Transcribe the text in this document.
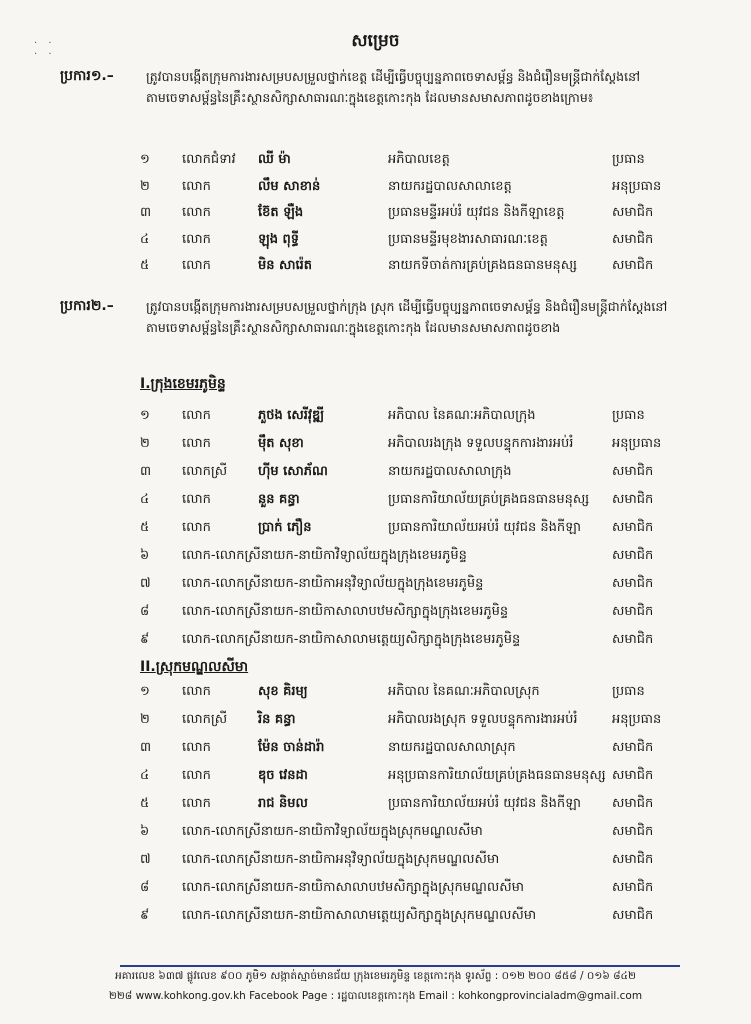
· ·
· ·
សម្រេច
ប្រការ១.–	ត្រូវបានបង្កើតក្រុមការងារសម្របសម្រួលថ្នាក់ខេត្ត ដើម្បីធ្វើបច្ចុប្បន្នភាពចេទាសម្ព័ន្ធ និងជំរឿនមន្ត្រីជាក់ស្តែងនៅតាមចេទាសម្ព័ន្ធនៃគ្រឹះស្ថានសិក្សាសាធារណៈក្នុងខេត្តកោះកុង ដែលមានសមាសភាពដូចខាងក្រោម៖
១ លោកជំទាវ ឈី ម៉ា	អភិបាលខេត្ត	ប្រធាន
២ លោក	លឹម សាខាន់	នាយករដ្ឋបាលសាលាខេត្ត	អនុប្រធាន
៣ លោក	ខ៊ែត ឡឺង	ប្រធានមន្ទីរអប់រំ យុវជន និងកីឡាខេត្ត	សមាជិក
៤	លោក	ឡុង ពុទ្ធី	ប្រធានមន្ទីរមុខងារសាធារណៈខេត្ត	សមាជិក
៥	លោក	មិន សារ៉េត	នាយកទីចាត់ការគ្រប់គ្រងធនធានមនុស្ស	សមាជិក
ប្រការ២.–	ត្រូវបានបង្កើតក្រុមការងារសម្របសម្រួលថ្នាក់ក្រុង ស្រុក ដើម្បីធ្វើបច្ចុប្បន្នភាពចេទាសម្ព័ន្ធ និងជំរឿនមន្ត្រីជាក់ស្តែងនៅតាមចេទាសម្ព័ន្ធនៃគ្រឹះស្ថានសិក្សាសាធារណៈក្នុងខេត្តកោះកុង ដែលមានសមាសភាពដូចខាង
I.ក្រុងខេមរភូមិន្ទ
១ លោក	ភួថង សេរីវុឌ្ឍី	អភិបាល នៃគណៈអភិបាលក្រុង	ប្រធាន
២ លោក	ម៉ឹត សុខា	អភិបាលរងក្រុង ទទួលបន្ទុកការងារអប់រំ	អនុប្រធាន
៣ លោកស្រី ហ៊ីម សោភ័ណ	នាយករដ្ឋបាលសាលាក្រុង	សមាជិក
៤	លោក	នួន គន្ធា	ប្រធានការិយាល័យគ្រប់គ្រងធនធានមនុស្ស សមាជិក
៥	លោក	ប្រាក់ ភឿន	ប្រធានការិយាល័យអប់រំ យុវជន និងកីឡា សមាជិក
៦	លោក-លោកស្រីនាយក-នាយិកាវិទ្យាល័យក្នុងក្រុងខេមរភូមិន្ទ	សមាជិក
៧ លោក-លោកស្រីនាយក-នាយិកាអនុវិទ្យាល័យក្នុងក្រុងខេមរភូមិន្ទ	សមាជិក
៨	លោក-លោកស្រីនាយក-នាយិកាសាលាបឋមសិក្សាក្នុងក្រុងខេមរភូមិន្ទ	សមាជិក
៩	លោក-លោកស្រីនាយក-នាយិកាសាលាមត្តេយ្យសិក្សាក្នុងក្រុងខេមរភូមិន្ទ	សមាជិក
II.ស្រុកមណ្ឌលសីមា
១ លោក	សុខ គិរម្យ	អភិបាល នៃគណៈអភិបាលស្រុក	ប្រធាន
២ លោកស្រី រិន គន្ធា	អភិបាលរងស្រុក ទទួលបន្ទុកការងារអប់រំ	អនុប្រធាន
៣ លោក	ម៉ែន ចាន់ដារ៉ា	នាយករដ្ឋបាលសាលាស្រុក	សមាជិក
៤	លោក	ឌុច វេនដា	អនុប្រធានការិយាល័យគ្រប់គ្រងធនធានមនុស្ស សមាជិក
៥	លោក	រាជ និមល	ប្រធានការិយាល័យអប់រំ យុវជន និងកីឡា សមាជិក
៦	លោក-លោកស្រីនាយក-នាយិកាវិទ្យាល័យក្នុងស្រុកមណ្ឌលសីមា	សមាជិក
៧ លោក-លោកស្រីនាយក-នាយិកាអនុវិទ្យាល័យក្នុងស្រុកមណ្ឌលសីមា	សមាជិក
៨	លោក-លោកស្រីនាយក-នាយិកាសាលាបឋមសិក្សាក្នុងស្រុកមណ្ឌលសីមា	សមាជិក
៩	លោក-លោកស្រីនាយក-នាយិកាសាលាមត្តេយ្យសិក្សាក្នុងស្រុកមណ្ឌលសីមា	សមាជិក
អគារលេខ ៦៣៧ ផ្លូវលេខ ៩០០ ភូមិ១ សង្កាត់ស្មាច់មានជ័យ ក្រុងខេមរភូមិន្ទ ខេត្តកោះកុង ទូរស័ព្ទ : ០១២ ២០០ ៨៥៨ / ០១៦ ៨៤២
២២៨ www.kohkong.gov.kh Facebook Page : រដ្ឋបាលខេត្តកោះកុង Email : kohkongprovincialadm@gmail.com
